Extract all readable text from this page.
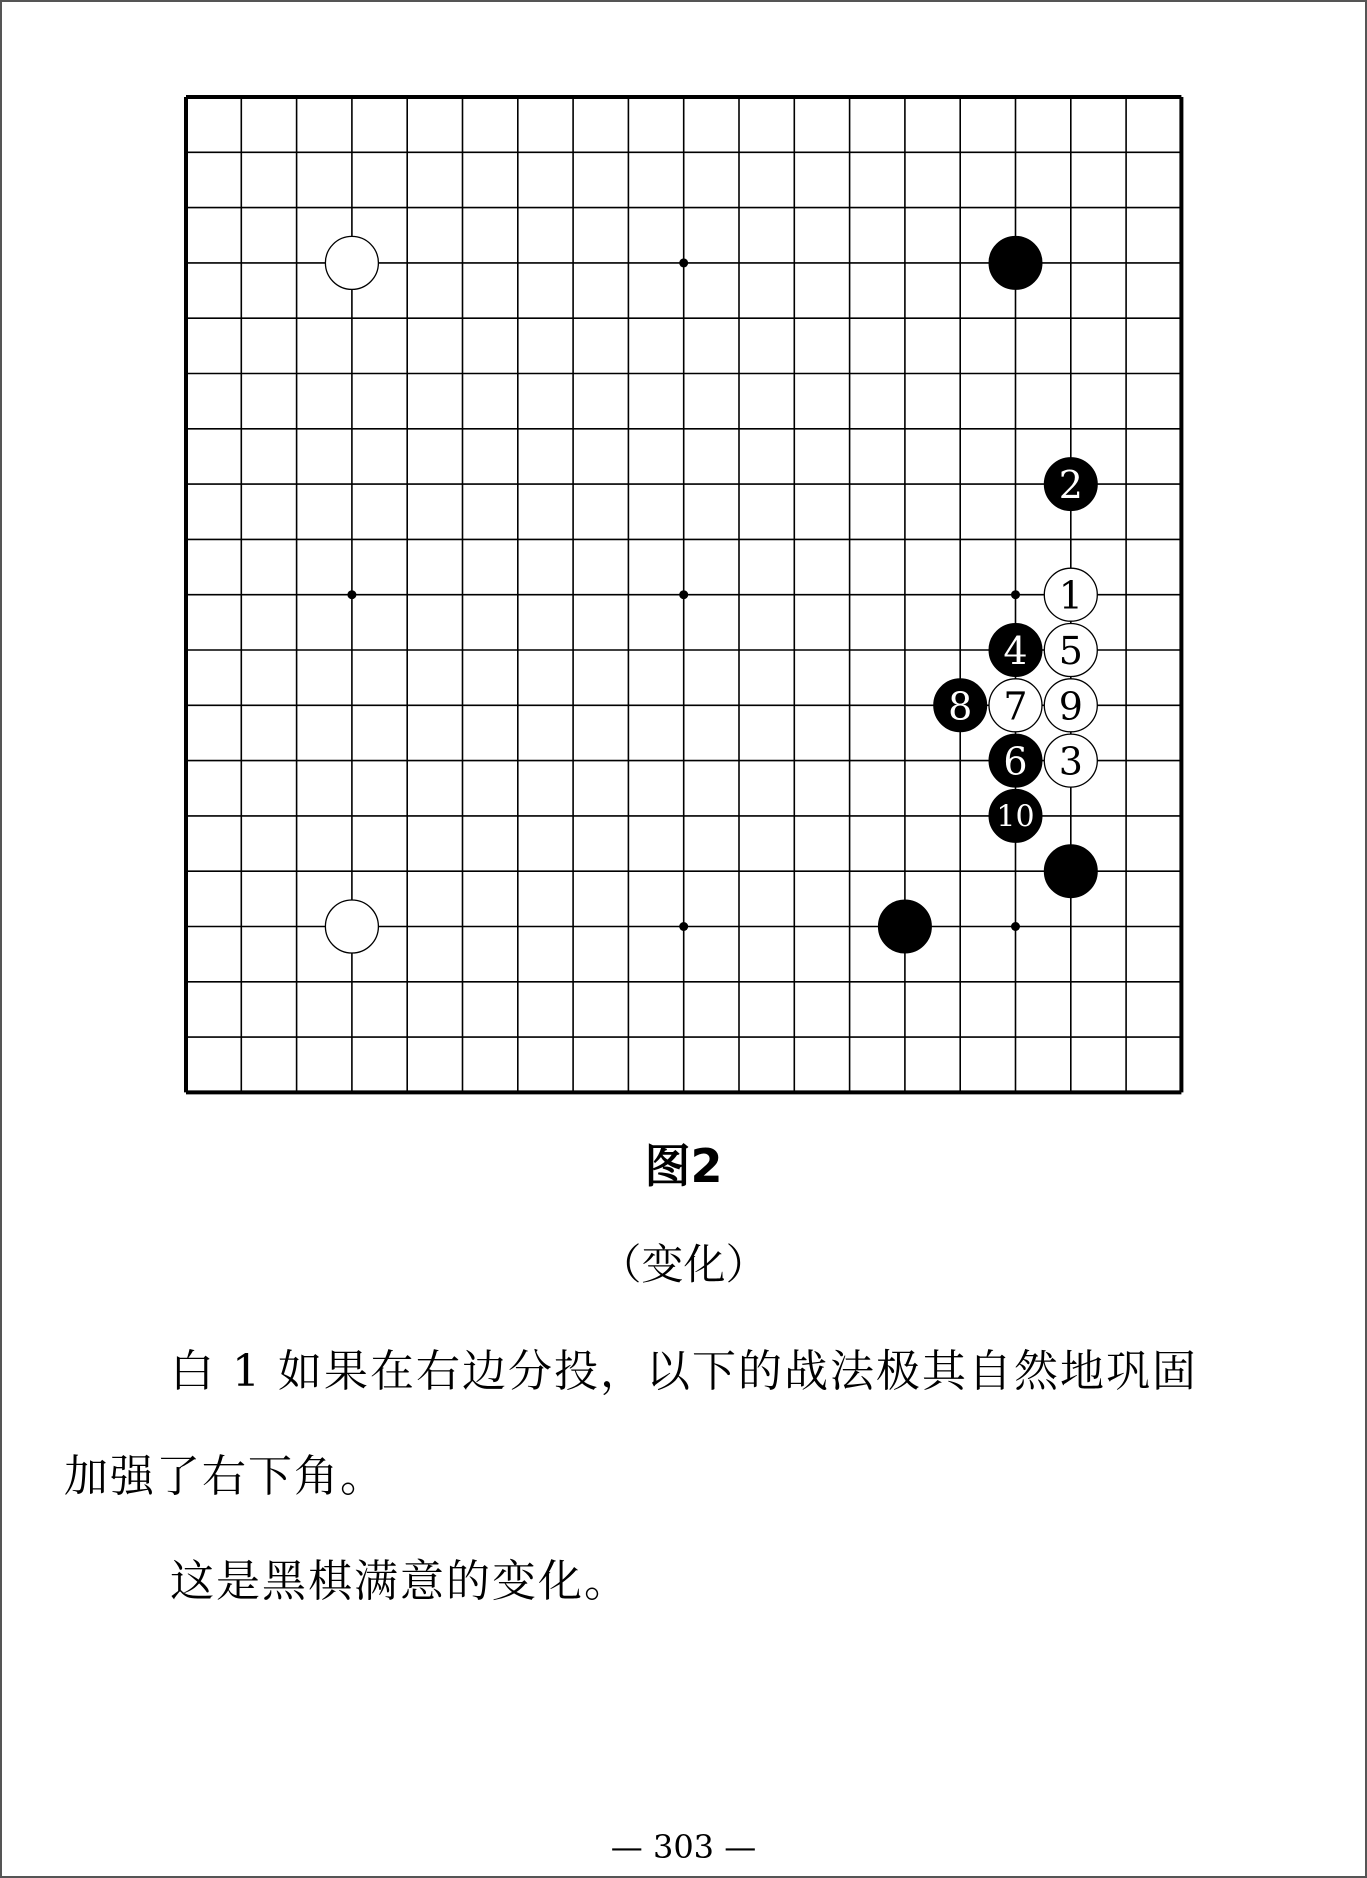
2
1
4 5
8 7 9
6 3
10
图2
（变化）
白 1 如果在右边分投，以下的战法极其自然地巩固
加强了右下角。
这是黑棋满意的变化。
— 303 —
